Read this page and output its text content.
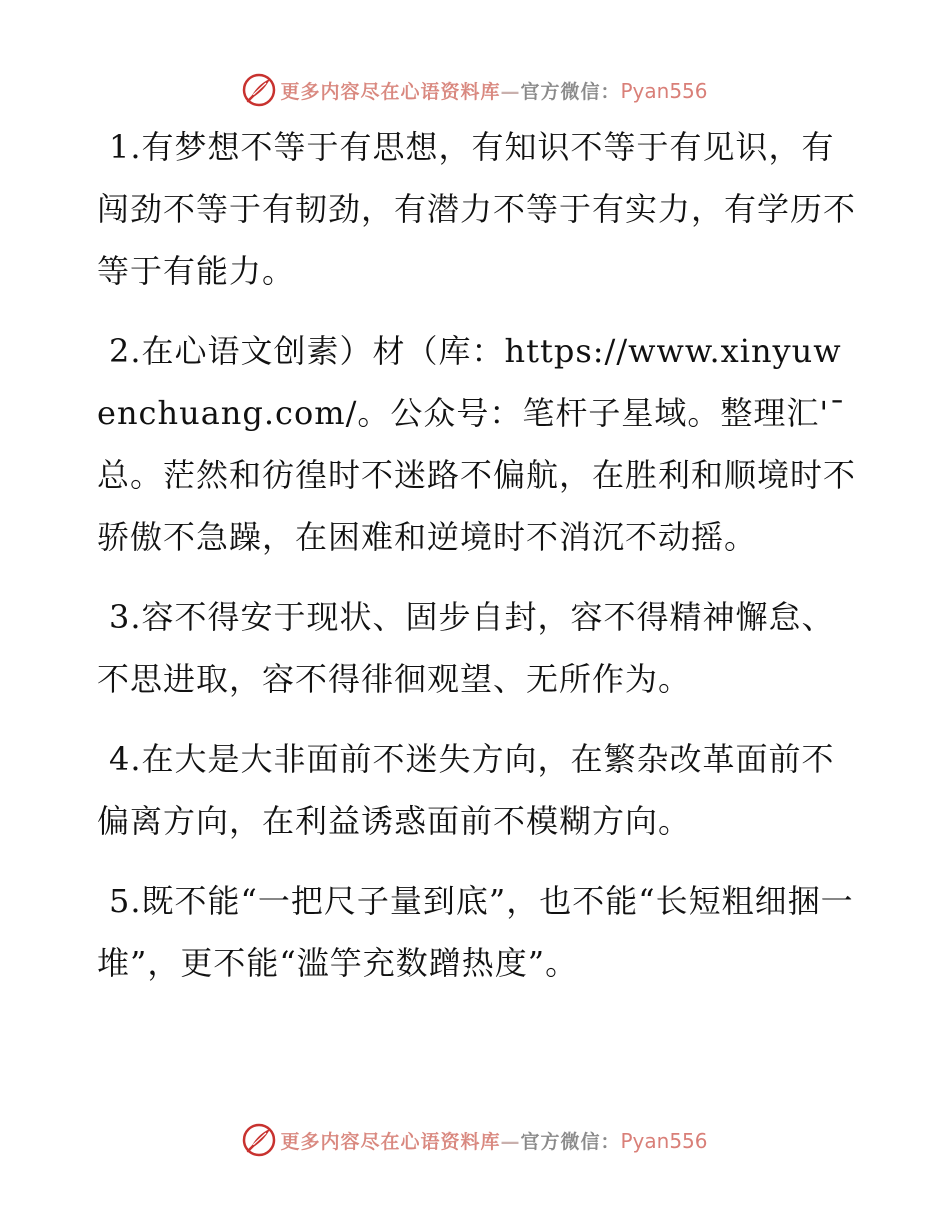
更多内容尽在心语资料库—官方微信：Pyan556

1.有梦想不等于有思想，有知识不等于有见识，有闯劲不等于有韧劲，有潜力不等于有实力，有学历不等于有能力。

2.在心语文创素）材（库：https://www.xinyuwenchuang.com/。公众号：笔杆子星域。整理汇'¯总。茫然和彷徨时不迷路不偏航，在胜利和顺境时不骄傲不急躁，在困难和逆境时不消沉不动摇。

3.容不得安于现状、固步自封，容不得精神懈怠、不思进取，容不得徘徊观望、无所作为。

4.在大是大非面前不迷失方向，在繁杂改革面前不偏离方向，在利益诱惑面前不模糊方向。

5.既不能“一把尺子量到底”，也不能“长短粗细捆一堆”，更不能“滥竽充数蹭热度”。

更多内容尽在心语资料库—官方微信：Pyan556
